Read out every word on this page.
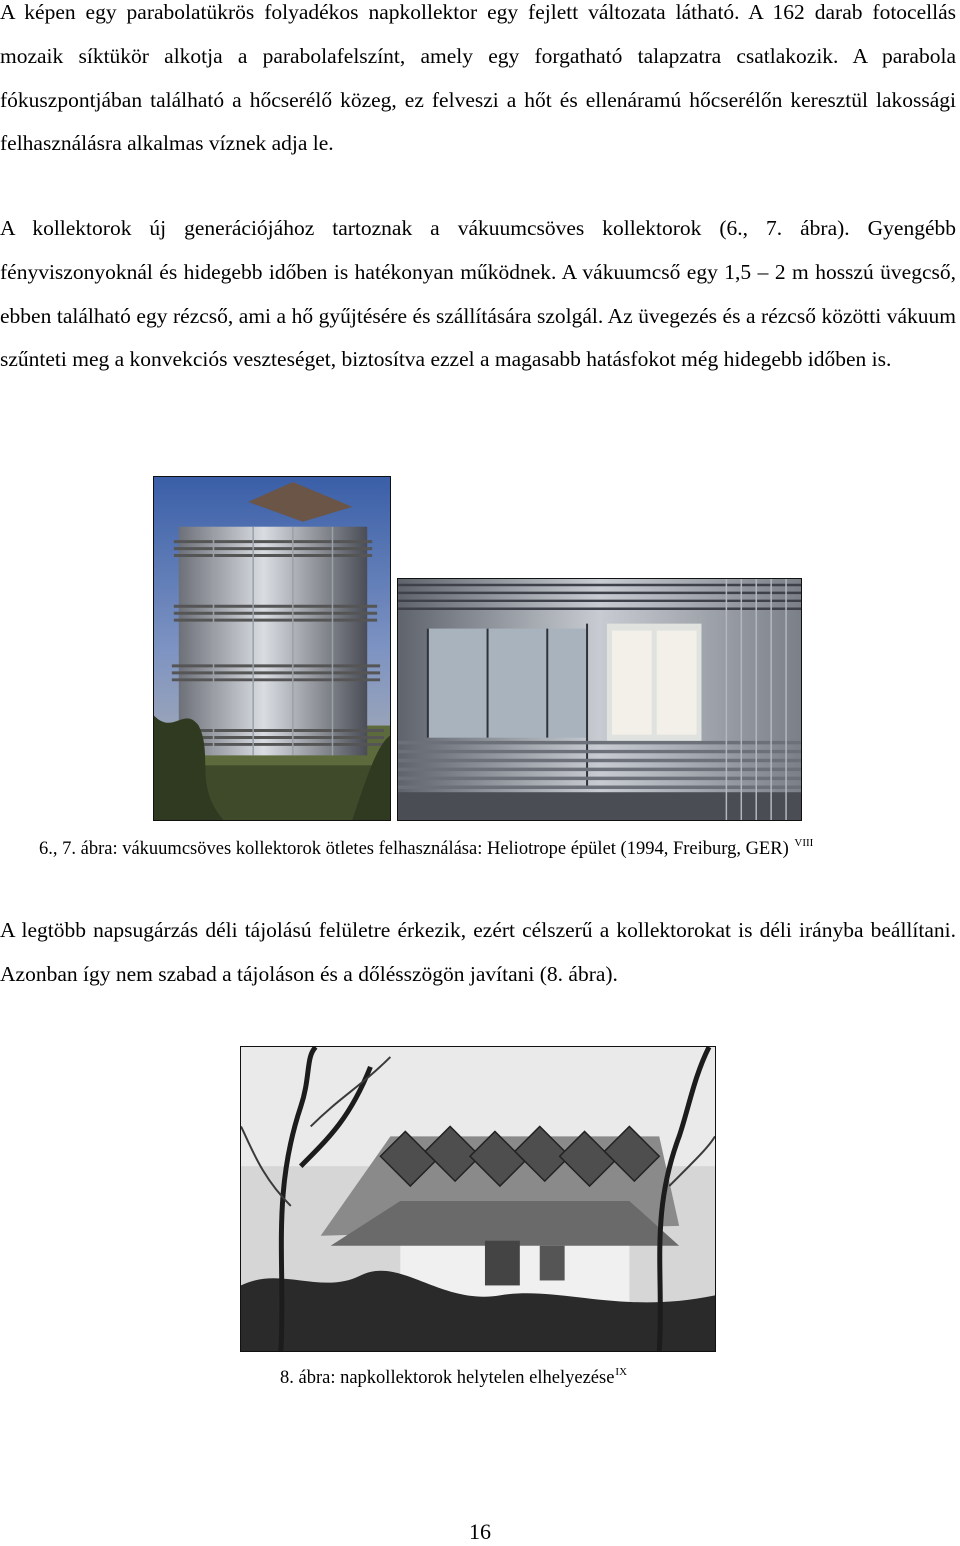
A képen egy parabolatükrös folyadékos napkollektor egy fejlett változata látható. A 162 darab fotocellás mozaik síktükör alkotja a parabolafelszínt, amely egy forgatható talapzatra csatlakozik. A parabola fókuszpontjában található a hőcserélő közeg, ez felveszi a hőt és ellenáramú hőcserélőn keresztül lakossági felhasználásra alkalmas víznek adja le.

A kollektorok új generációjához tartoznak a vákuumcsöves kollektorok (6., 7. ábra). Gyengébb fényviszonyoknál és hidegebb időben is hatékonyan működnek. A vákuumcső egy 1,5 – 2 m hosszú üvegcső, ebben található egy rézcső, ami a hő gyűjtésére és szállítására szolgál. Az üvegezés és a rézcső közötti vákuum szűnteti meg a konvekciós veszteséget, biztosítva ezzel a magasabb hatásfokot még hidegebb időben is.

6., 7. ábra: vákuumcsöves kollektorok ötletes felhasználása: Heliotrope épület (1994, Freiburg, GER) $^{VIII}$

A legtöbb napsugárzás déli tájolású felületre érkezik, ezért célszerű a kollektorokat is déli irányba beállítani. Azonban így nem szabad a tájoláson és a dőlésszögön javítani (8. ábra).

8. ábra: napkollektorok helytelen elhelyezése$^{IX}$
16
